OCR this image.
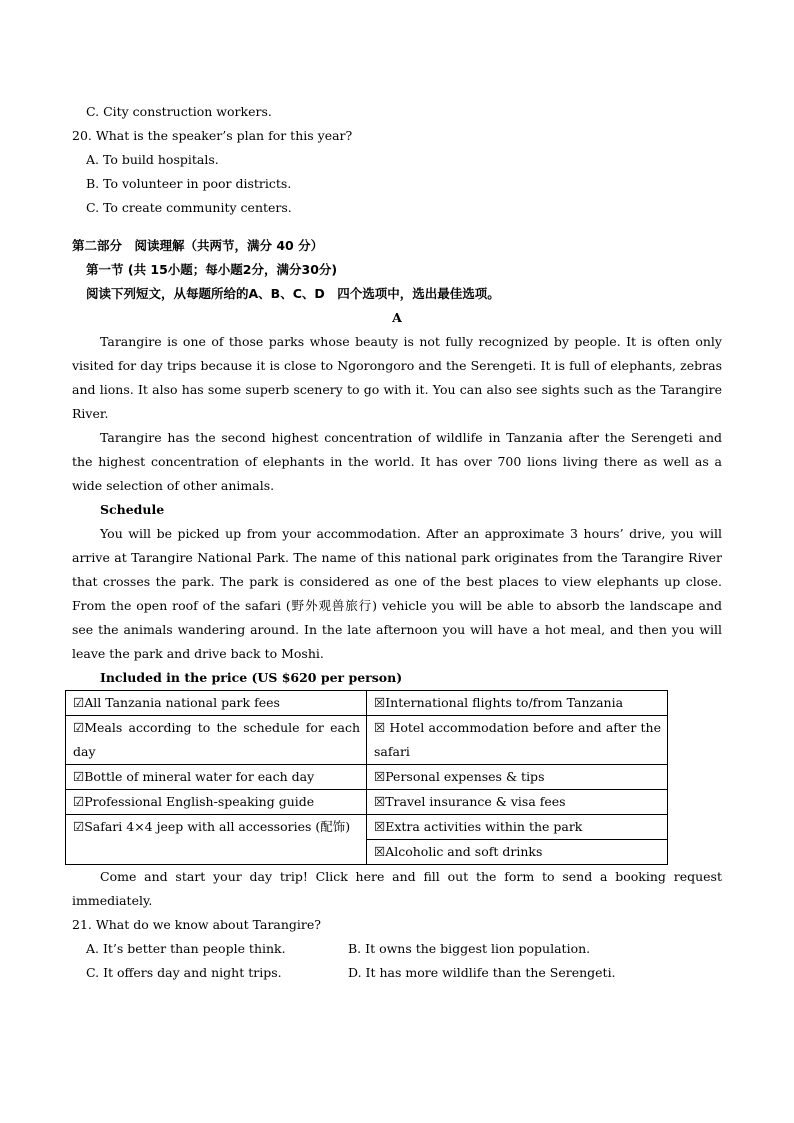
C. City construction workers.
20. What is the speaker’s plan for this year?
A. To build hospitals.
B. To volunteer in poor districts.
C. To create community centers.
第二部分　阅读理解（共两节，满分 40 分）
第一节 (共 15小题；每小题2分，满分30分)
阅读下列短文，从每题所给的A、B、C、D　四个选项中，选出最佳选项。
A
Tarangire is one of those parks whose beauty is not fully recognized by people. It is often only visited for day trips because it is close to Ngorongoro and the Serengeti. It is full of elephants, zebras and lions. It also has some superb scenery to go with it. You can also see sights such as the Tarangire River.
Tarangire has the second highest concentration of wildlife in Tanzania after the Serengeti and the highest concentration of elephants in the world. It has over 700 lions living there as well as a wide selection of other animals.
Schedule
You will be picked up from your accommodation. After an approximate 3 hours’ drive, you will arrive at Tarangire National Park. The name of this national park originates from the Tarangire River that crosses the park. The park is considered as one of the best places to view elephants up close. From the open roof of the safari (野外观兽旅行) vehicle you will be able to absorb the landscape and see the animals wandering around. In the late afternoon you will have a hot meal, and then you will leave the park and drive back to Moshi.
Included in the price (US $620 per person)
☑All Tanzania national park fees	☒International flights to/from Tanzania
☑Meals according to the schedule for each day	☒ Hotel accommodation before and after the safari
☑Bottle of mineral water for each day	☒Personal expenses & tips
☑Professional English-speaking guide	☒Travel insurance & visa fees
☑Safari 4×4 jeep with all accessories (配饰)	☒Extra activities within the park
☒Alcoholic and soft drinks
Come and start your day trip! Click here and fill out the form to send a booking request immediately.
21. What do we know about Tarangire?
A. It’s better than people think.	B. It owns the biggest lion population.
C. It offers day and night trips.	D. It has more wildlife than the Serengeti.
